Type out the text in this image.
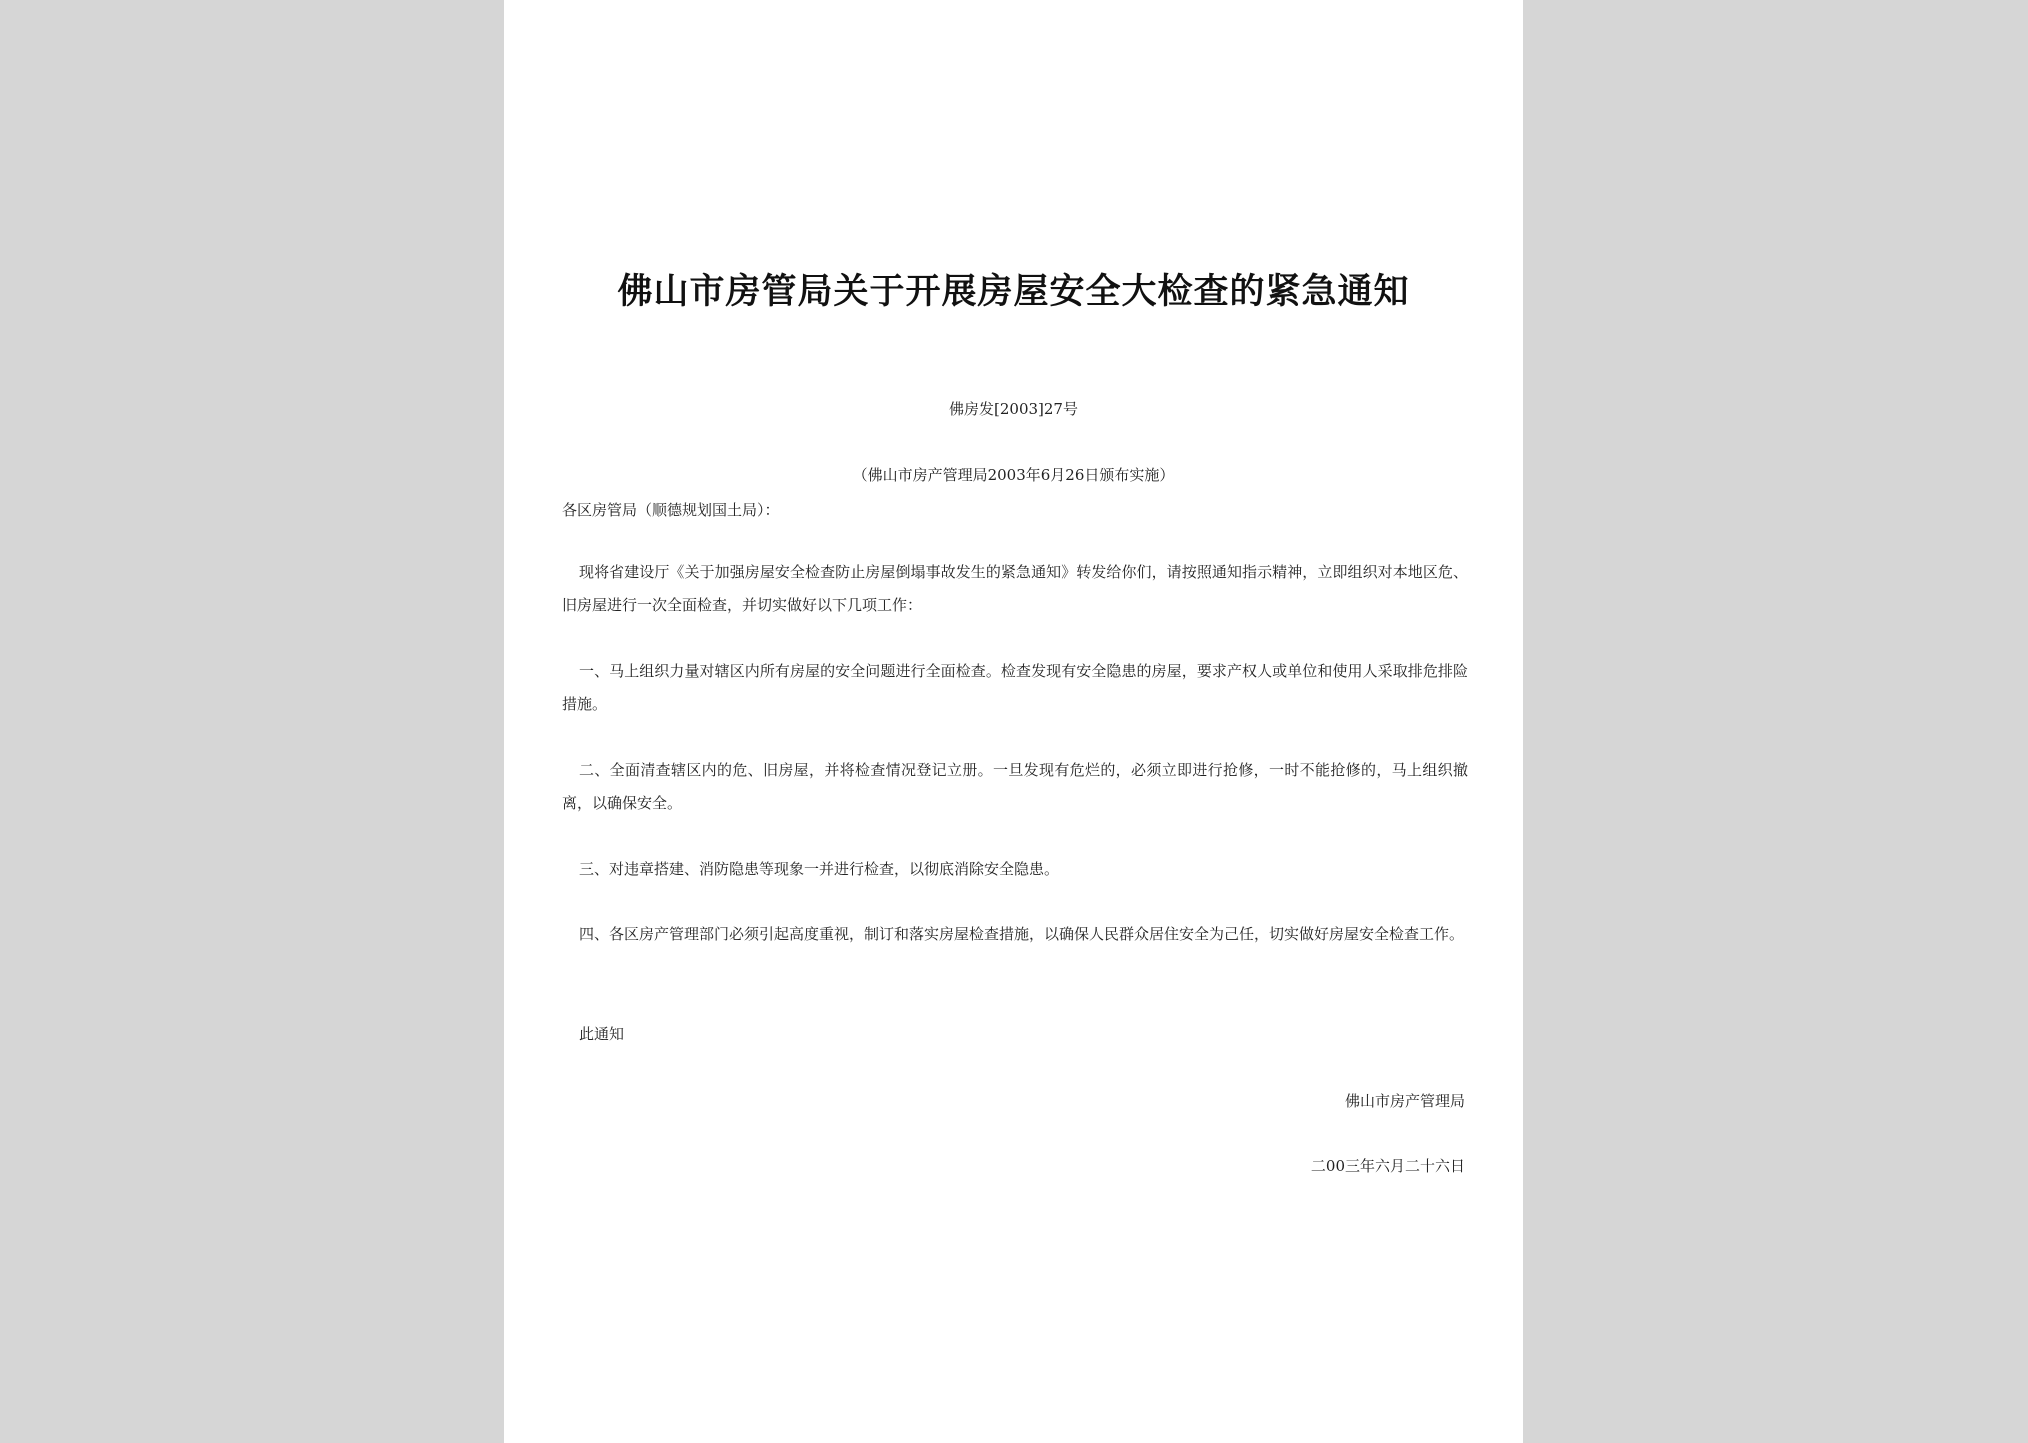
佛山市房管局关于开展房屋安全大检查的紧急通知
佛房发[2003]27号
（佛山市房产管理局2003年6月26日颁布实施）

各区房管局（顺德规划国土局）：

现将省建设厅《关于加强房屋安全检查防止房屋倒塌事故发生的紧急通知》转发给你们，请按照通知指示精神，立即组织对本地区危、旧房屋进行一次全面检查，并切实做好以下几项工作：

一、马上组织力量对辖区内所有房屋的安全问题进行全面检查。检查发现有安全隐患的房屋，要求产权人或单位和使用人采取排危排险措施。

二、全面清查辖区内的危、旧房屋，并将检查情况登记立册。一旦发现有危烂的，必须立即进行抢修，一时不能抢修的，马上组织撤离，以确保安全。

三、对违章搭建、消防隐患等现象一并进行检查，以彻底消除安全隐患。

四、各区房产管理部门必须引起高度重视，制订和落实房屋检查措施，以确保人民群众居住安全为己任，切实做好房屋安全检查工作。

此通知

佛山市房产管理局
二00三年六月二十六日
